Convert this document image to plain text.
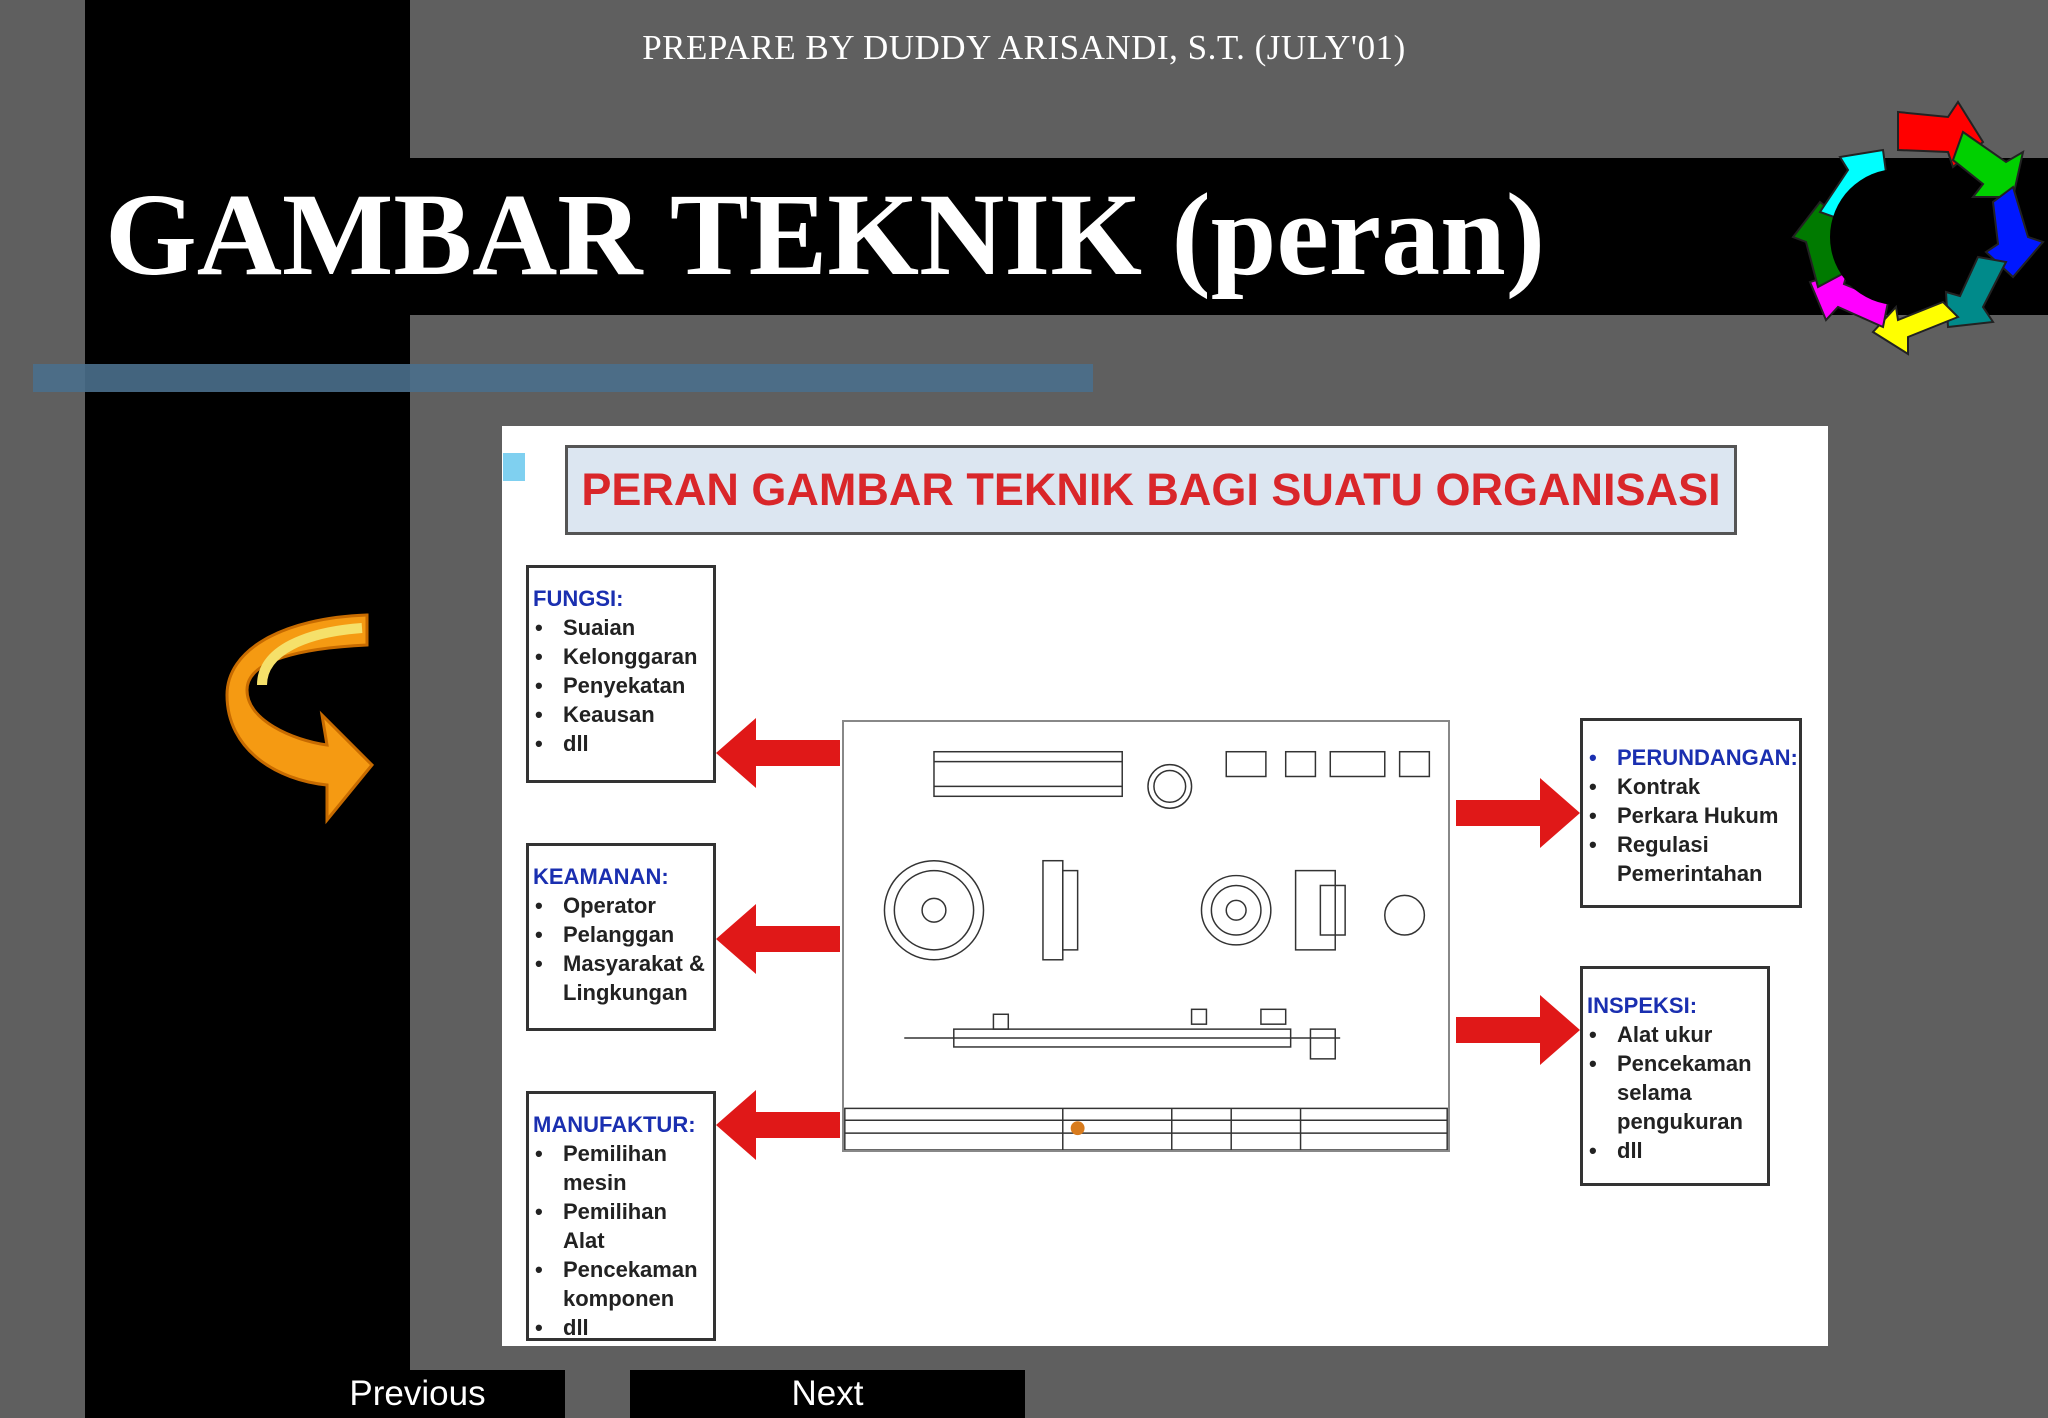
PREPARE BY DUDDY ARISANDI, S.T. (JULY'01)
GAMBAR TEKNIK (peran)
PERAN GAMBAR TEKNIK BAGI SUATU ORGANISASI
FUNGSI:
• Suaian
• Kelonggaran
• Penyekatan
• Keausan
• dll
KEAMANAN:
• Operator
• Pelanggan
• Masyarakat & Lingkungan
MANUFAKTUR:
• Pemilihan mesin
• Pemilihan Alat
• Pencekaman komponen
• dll
• PERUNDANGAN:
• Kontrak
• Perkara Hukum
• Regulasi Pemerintahan
INSPEKSI:
• Alat ukur
• Pencekaman selama pengukuran
• dll
Previous	Next
